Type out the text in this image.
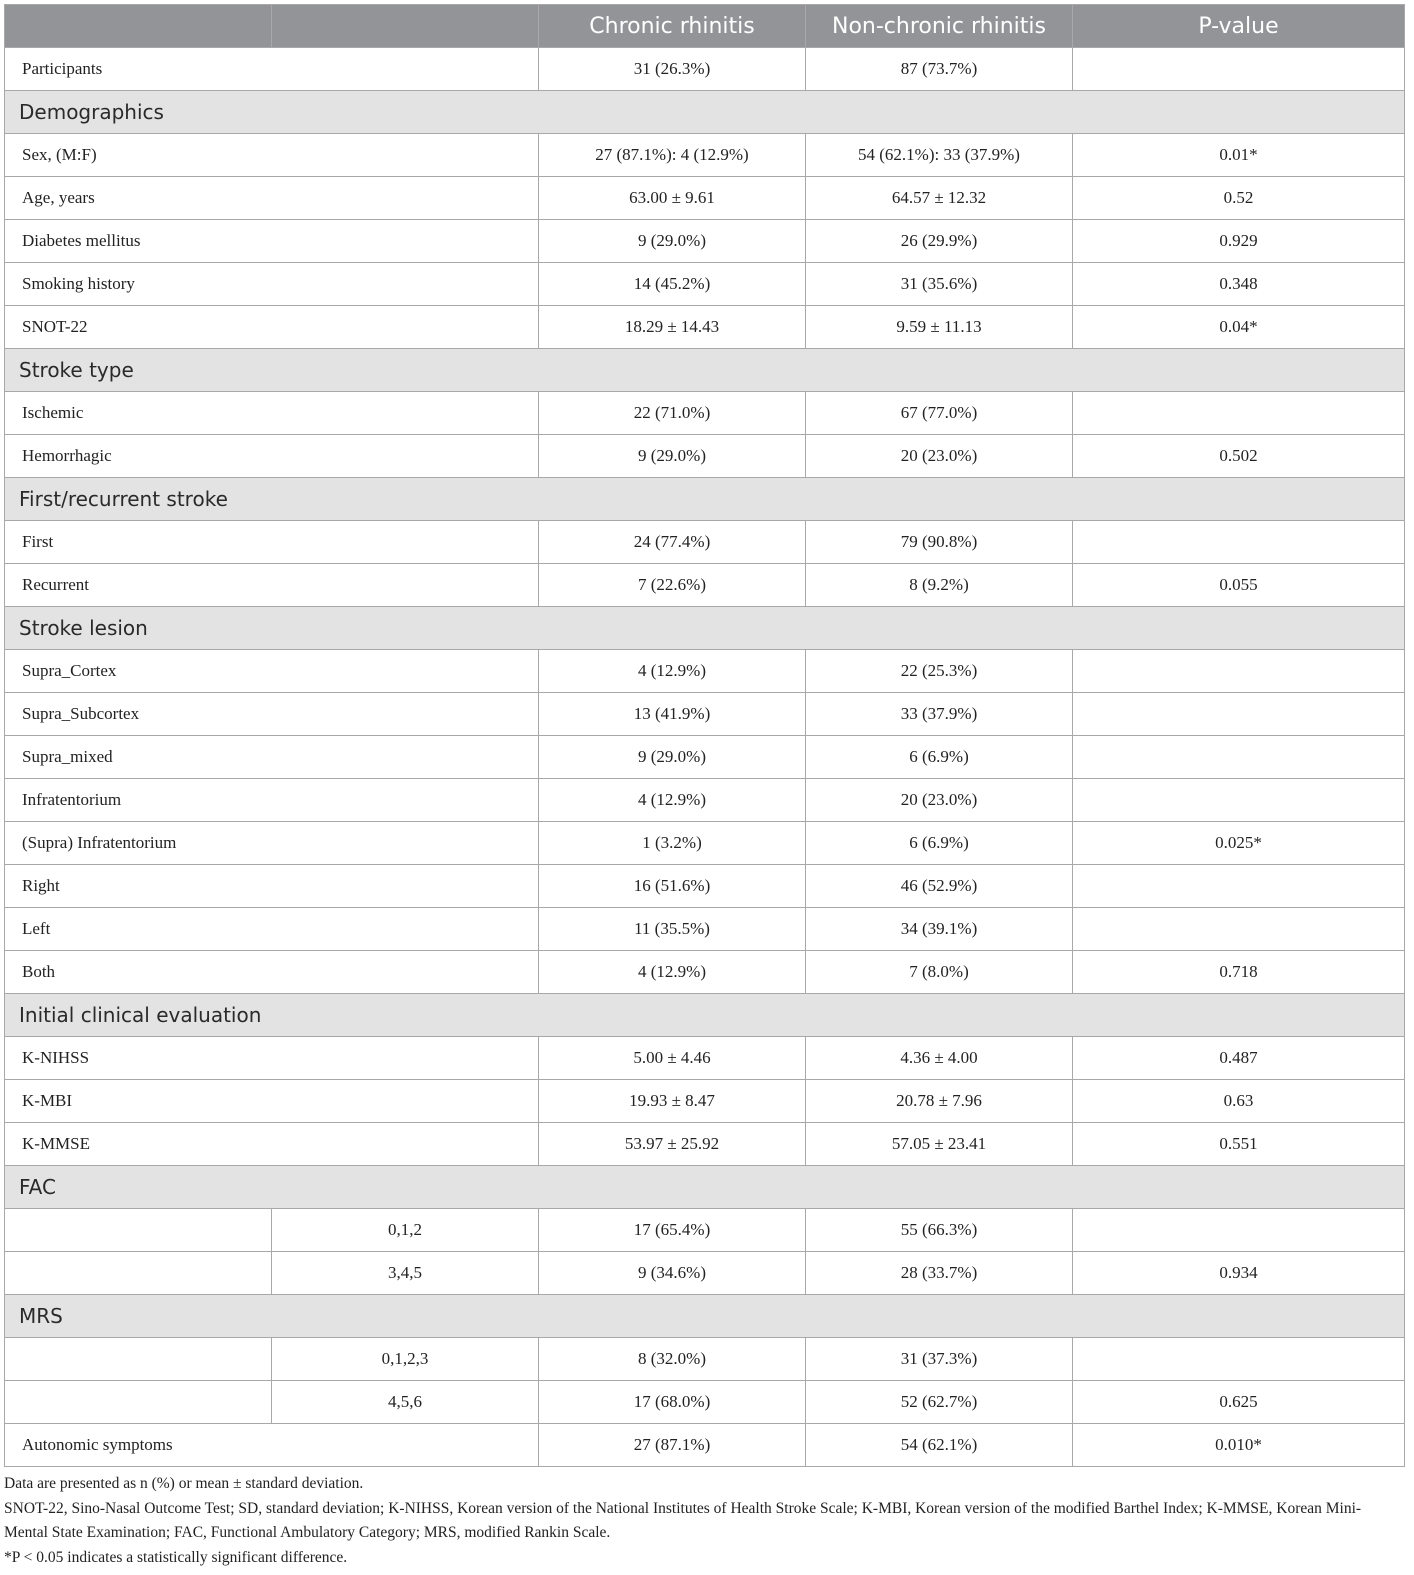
		Chronic rhinitis	Non-chronic rhinitis	P-value
Participants		31 (26.3%)	87 (73.7%)	
Demographics				
Sex, (M:F)		27 (87.1%): 4 (12.9%)	54 (62.1%): 33 (37.9%)	0.01*
Age, years		63.00 ± 9.61	64.57 ± 12.32	0.52
Diabetes mellitus		9 (29.0%)	26 (29.9%)	0.929
Smoking history		14 (45.2%)	31 (35.6%)	0.348
SNOT-22		18.29 ± 14.43	9.59 ± 11.13	0.04*
Stroke type				
Ischemic		22 (71.0%)	67 (77.0%)	
Hemorrhagic		9 (29.0%)	20 (23.0%)	0.502
First/recurrent stroke				
First		24 (77.4%)	79 (90.8%)	
Recurrent		7 (22.6%)	8 (9.2%)	0.055
Stroke lesion				
Supra_Cortex		4 (12.9%)	22 (25.3%)	
Supra_Subcortex		13 (41.9%)	33 (37.9%)	
Supra_mixed		9 (29.0%)	6 (6.9%)	
Infratentorium		4 (12.9%)	20 (23.0%)	
(Supra) Infratentorium		1 (3.2%)	6 (6.9%)	0.025*
Right		16 (51.6%)	46 (52.9%)	
Left		11 (35.5%)	34 (39.1%)	
Both		4 (12.9%)	7 (8.0%)	0.718
Initial clinical evaluation				
K-NIHSS		5.00 ± 4.46	4.36 ± 4.00	0.487
K-MBI		19.93 ± 8.47	20.78 ± 7.96	0.63
K-MMSE		53.97 ± 25.92	57.05 ± 23.41	0.551
FAC				
	0,1,2	17 (65.4%)	55 (66.3%)	
	3,4,5	9 (34.6%)	28 (33.7%)	0.934
MRS				
	0,1,2,3	8 (32.0%)	31 (37.3%)	
	4,5,6	17 (68.0%)	52 (62.7%)	0.625
Autonomic symptoms		27 (87.1%)	54 (62.1%)	0.010*

Data are presented as n (%) or mean ± standard deviation.

SNOT-22, Sino-Nasal Outcome Test; SD, standard deviation; K-NIHSS, Korean version of the National Institutes of Health Stroke Scale; K-MBI, Korean version of the modified Barthel Index; K-MMSE, Korean Mini-Mental State Examination; FAC, Functional Ambulatory Category; MRS, modified Rankin Scale.

*P < 0.05 indicates a statistically significant difference.
